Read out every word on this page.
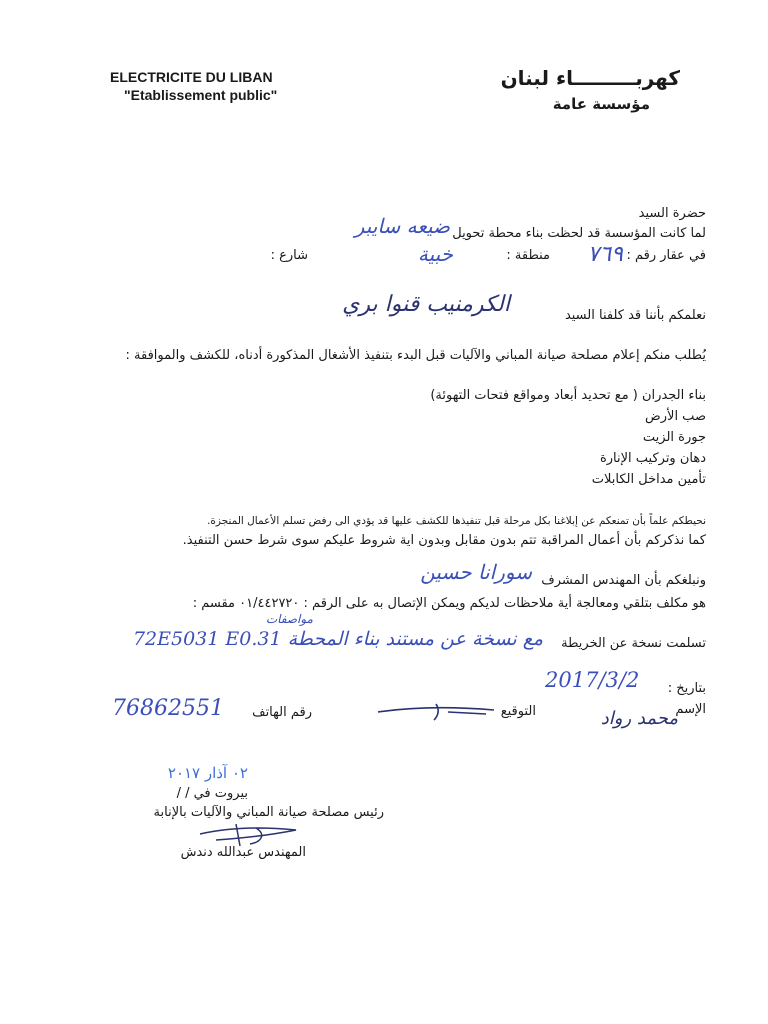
ELECTRICITE DU LIBAN
"Etablissement public"
كهربـــــــــاء لبنان
مؤسسة عامة
حضرة السيد
لما كانت المؤسسة قد لحظت بناء محطة تحويل
ضيعه سايبر
في عقار رقم :
٧٦٩
منطقة :
خبية
شارع :
نعلمكم بأننا قد كلفنا السيد
الكرمنيب قنوا بري
يُطلب منكم إعلام مصلحة صيانة المباني والآليات قبل البدء بتنفيذ الأشغال المذكورة أدناه، للكشف والموافقة :
بناء الجدران ( مع تحديد أبعاد ومواقع فتحات التهوئة)
صب الأرض
جورة الزيت
دهان وتركيب الإنارة
تأمين مداخل الكابلات
نحيطكم علماً بأن تمنعكم عن إبلاغنا بكل مرحلة قبل تنفيذها للكشف عليها قد يؤدي الى رفض تسلم الأعمال المنجزة.
كما نذكركم بأن أعمال المراقبة تتم بدون مقابل وبدون اية شروط عليكم سوى شرط حسن التنفيذ.
ونبلغكم بأن المهندس المشرف
سورانا حسين
هو مكلف بتلقي ومعالجة أية ملاحظات لديكم ويمكن الإتصال به على الرقم : ٠١/٤٤٢٧٢٠ مقسم :
تسلمت نسخة عن الخريطة
مع نسخة عن مستند بناء المحطة 72E5031 E0.31
مواصفات
بتاريخ :
2017/3/2
الإسم
محمد رواد
التوقيع
رقم الهاتف
76862551
٠٢ آذار ٢٠١٧
بيروت في / /
رئيس مصلحة صيانة المباني والآليات بالإنابة
المهندس عبدالله دندش
